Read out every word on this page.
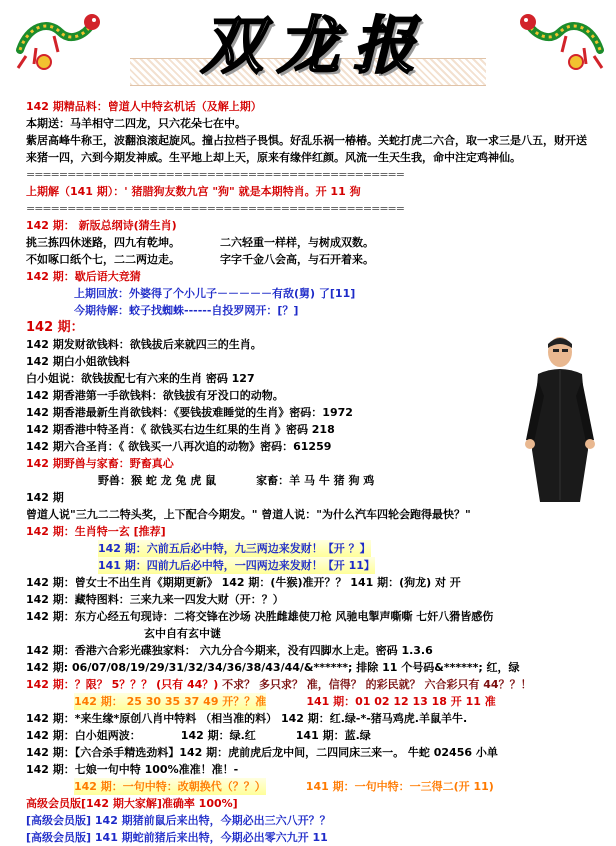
双龙报
142 期精品料：曾道人中特玄机话（及解上期）
本期送：马羊相守二四龙，只六花朵七在中。
紫居高峰牛称王，波翻浪滚起旋风。撞占拉档子畏惧。好乱乐祸一椿椿。关蛇打虎二六合，取一求三是八五，财开送来猪一四，六到今期发神威。生平地上却上天，原来有缘伴红颜。风流一生天生我，命中注定鸡神仙。
==============================================
上期解（141 期）：' 猪腊狗友数九宫 "狗" 就是本期特肖。开 11 狗
==============================================
142 期： 新版总纲诗(猜生肖)
挑三拣四休迷路，四九有乾坤。	二六轻重一样样，与树成双数。
不如啄口纸个七，二二两边走。	字字千金八会高，与石开着来。
142 期：歇后语大竞猜
上期回放：外婆得了个小儿子－－－－－有敌(舅) 了[11]
今期待解：蛟子找蜘蛛------自投罗网开：[？]
142 期：
142 期发财欲钱料：欲钱拔后来就四三的生肖。
142 期白小姐欲钱料
白小姐说：欲钱拔配七有六来的生肖 密码 127
142 期香港第一手欲钱料：欲钱拔有牙没口的动物。
142 期香港最新生肖欲钱料：《要钱拔难睡觉的生肖》密码：1972
142 期香港中特圣肖：《 欲钱买右边生红果的生肖 》密码 218
142 期六合圣肖：《 欲钱买一八再次追的动物》密码：61259
142 期野兽与家畜：野畜真心
野兽：猴 蛇 龙 兔 虎 鼠	家畜：羊 马 牛 猪 狗 鸡
142 期
曾道人说"三九二二特头奖，上下配合今期发。" 曾道人说："为什么汽车四轮会跑得最快？"
142 期：生肖特一玄 [推荐]
142 期：六前五后必中特，九三两边来发财！【开 ？】
141 期：四前九后必中特，一四两边来发财！【开 11】
142 期：曾女士不出生肖《期期更新》 142 期：(牛猴)准开？？ 141 期：(狗龙) 对 开
142 期：藏特图料：三来九来一四发大财（开：？）
142 期：东方心经五句现诗：二将交锋在沙场 决胜雌雄使刀枪 风驰电掣声嘶嘶 七奸八猾皆感伤
玄中自有玄中谜
142 期：香港六合彩光碟独家料： 六九分合今期来，没有四脚水上走。密码 1.3.6
142 期: 06/07/08/19/29/31/32/34/36/38/43/44/&******; 排除 11 个号码&******; 红，绿
142 期：？限？ 5？？？ (只有 44？) 不求？ 多只求？ 准，信得？ 的彩民就？ 六合彩只有 44？？！
142 期： 25 30 35 37 49 开？？准	141 期：01 02 12 13 18 开 11 准
142 期：*来生缘*原创八肖中特料 （相当准的料） 142 期：红.绿-*-猪马鸡虎.羊鼠羊牛.
142 期：白小姐两波：	142 期：绿.红	141 期：蓝.绿
142 期：【六合杀手精选劲料】142 期：虎前虎后龙中间，二四同床三来一。 牛蛇 02456 小单
142 期：七娘一句中特 100%准准！准！-
142 期：一句中特：改朝换代（？？）	141 期：一句中特：一三得二(开 11)
高级会员版[142 期大家解]准确率 100%]
[高级会员版] 142 期猪前鼠后来出特，今期必出三六八开？？
[高级会员版] 141 期蛇前猪后来出特，今期必出零六九开 11
